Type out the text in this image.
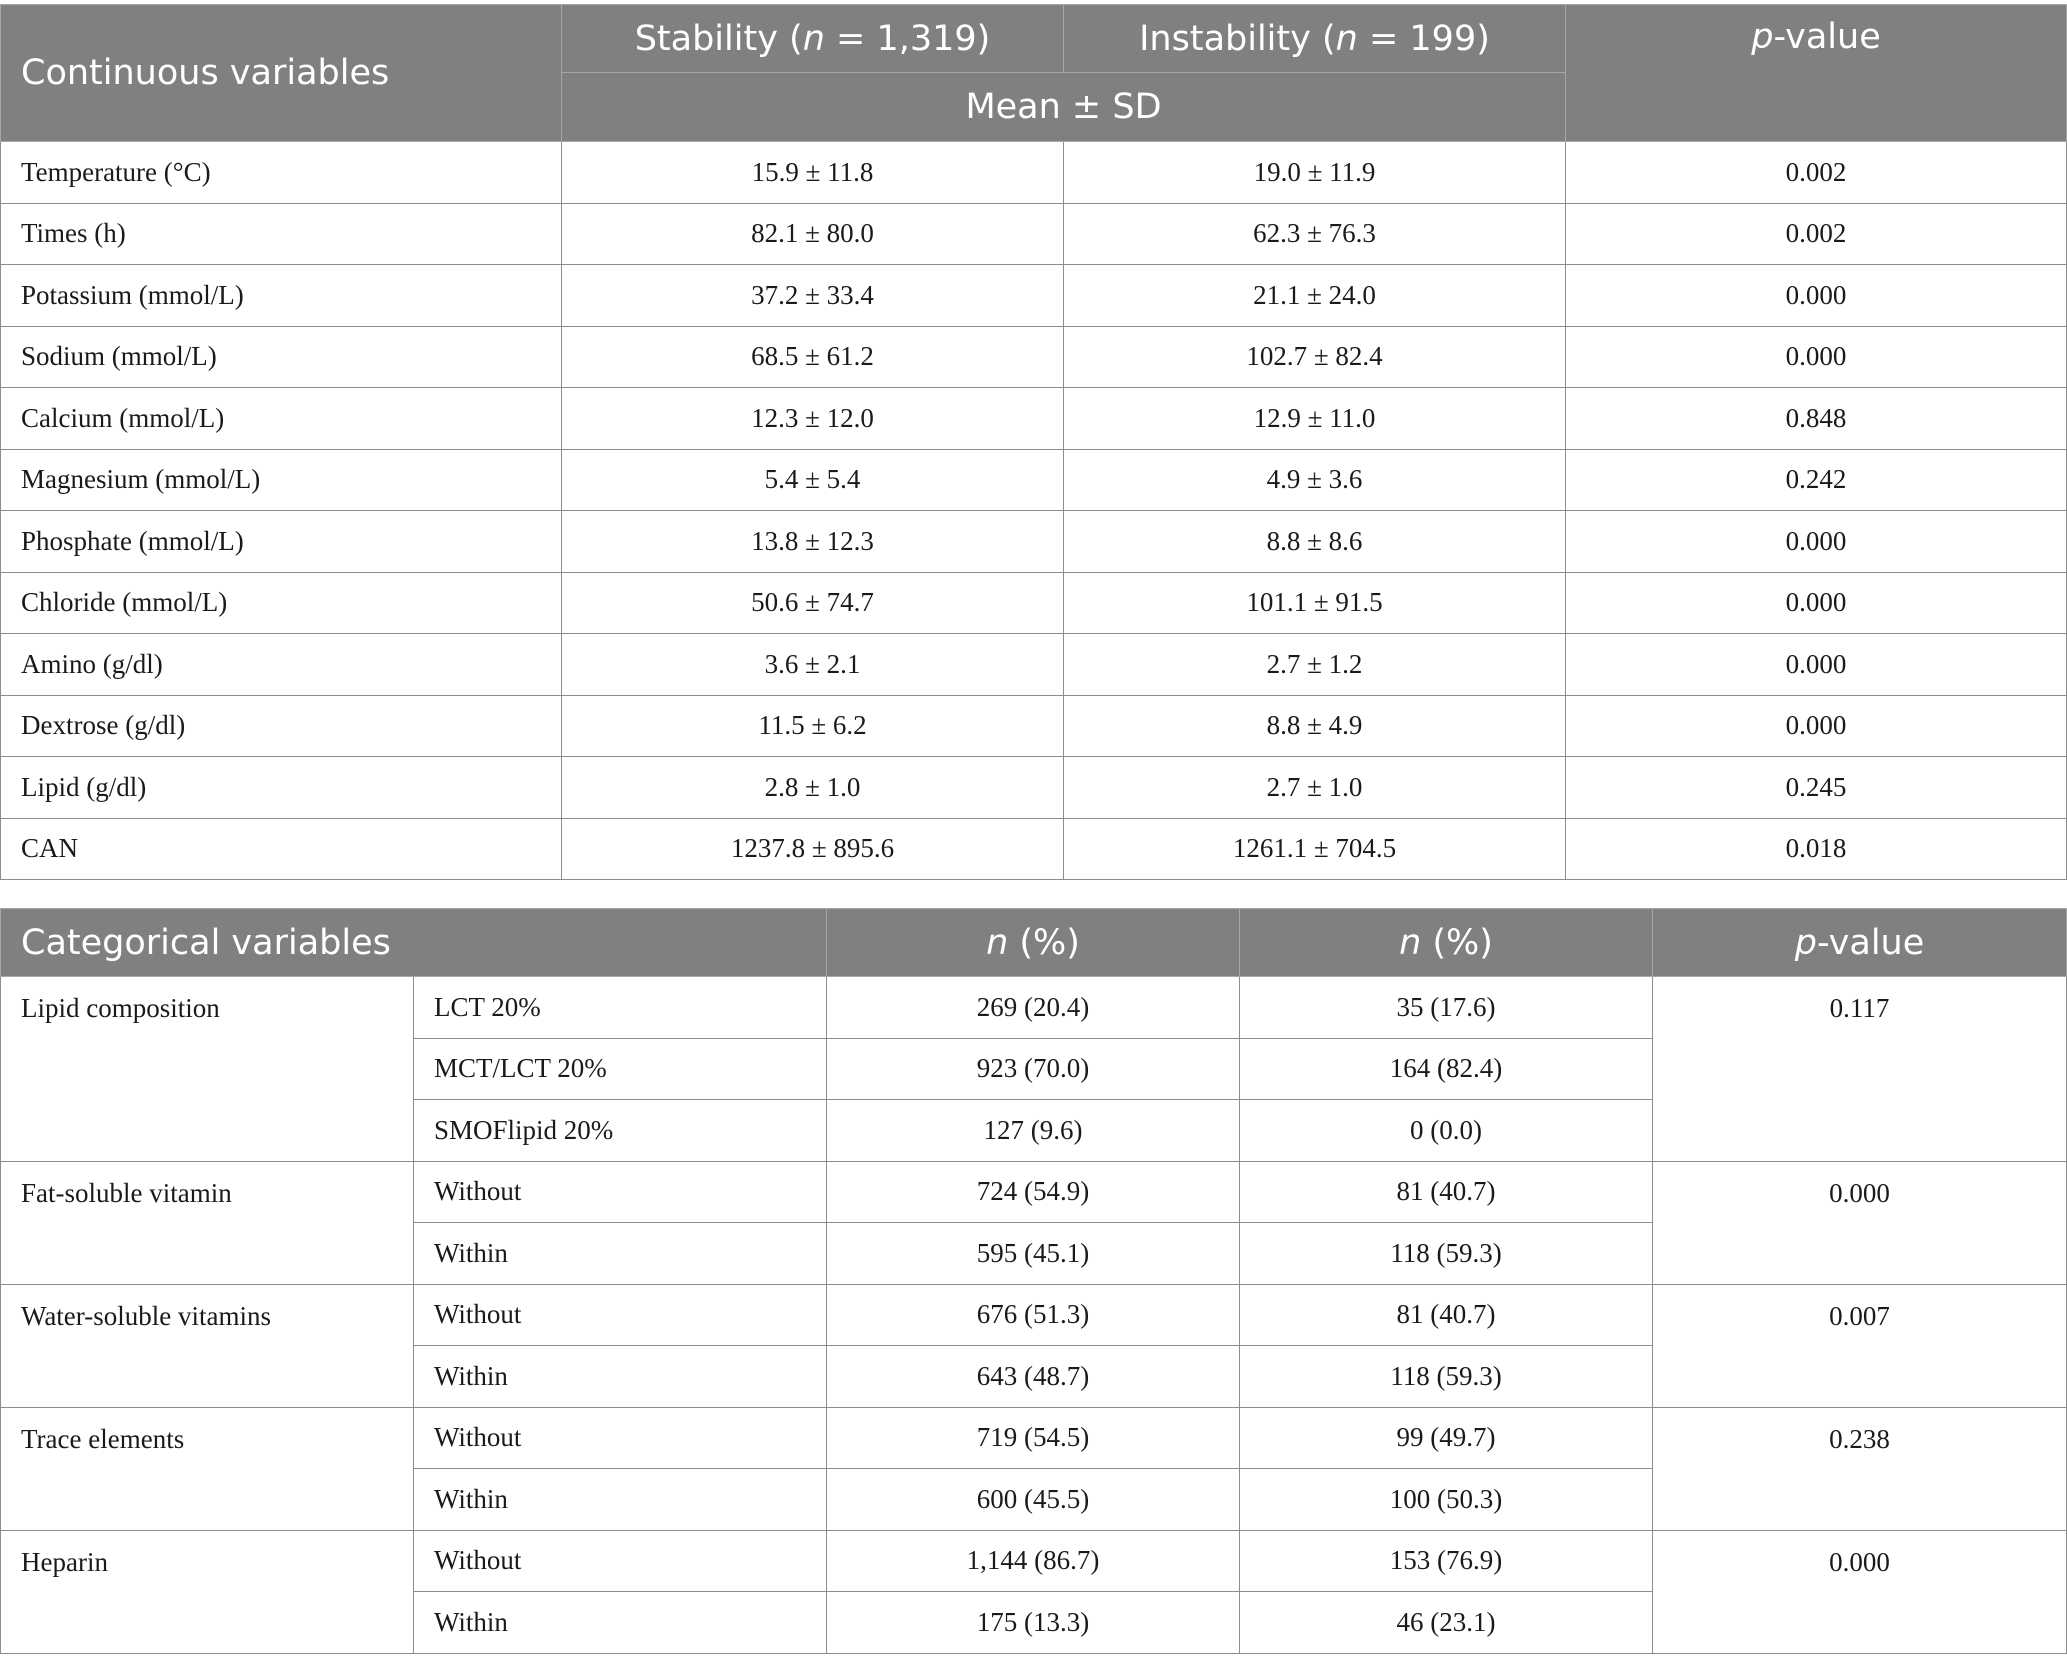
Continuous variables	Stability (n = 1,319)	Instability (n = 199)	p-value
	Mean ± SD		
Temperature (°C)	15.9 ± 11.8	19.0 ± 11.9	0.002
Times (h)	82.1 ± 80.0	62.3 ± 76.3	0.002
Potassium (mmol/L)	37.2 ± 33.4	21.1 ± 24.0	0.000
Sodium (mmol/L)	68.5 ± 61.2	102.7 ± 82.4	0.000
Calcium (mmol/L)	12.3 ± 12.0	12.9 ± 11.0	0.848
Magnesium (mmol/L)	5.4 ± 5.4	4.9 ± 3.6	0.242
Phosphate (mmol/L)	13.8 ± 12.3	8.8 ± 8.6	0.000
Chloride (mmol/L)	50.6 ± 74.7	101.1 ± 91.5	0.000
Amino (g/dl)	3.6 ± 2.1	2.7 ± 1.2	0.000
Dextrose (g/dl)	11.5 ± 6.2	8.8 ± 4.9	0.000
Lipid (g/dl)	2.8 ± 1.0	2.7 ± 1.0	0.245
CAN	1237.8 ± 895.6	1261.1 ± 704.5	0.018
Categorical variables		n (%)	n (%)	p-value
Lipid composition	LCT 20%	269 (20.4)	35 (17.6)	0.117
	MCT/LCT 20%	923 (70.0)	164 (82.4)	
	SMOFlipid 20%	127 (9.6)	0 (0.0)	
Fat-soluble vitamin	Without	724 (54.9)	81 (40.7)	0.000
	Within	595 (45.1)	118 (59.3)	
Water-soluble vitamins	Without	676 (51.3)	81 (40.7)	0.007
	Within	643 (48.7)	118 (59.3)	
Trace elements	Without	719 (54.5)	99 (49.7)	0.238
	Within	600 (45.5)	100 (50.3)	
Heparin	Without	1,144 (86.7)	153 (76.9)	0.000
	Within	175 (13.3)	46 (23.1)	
